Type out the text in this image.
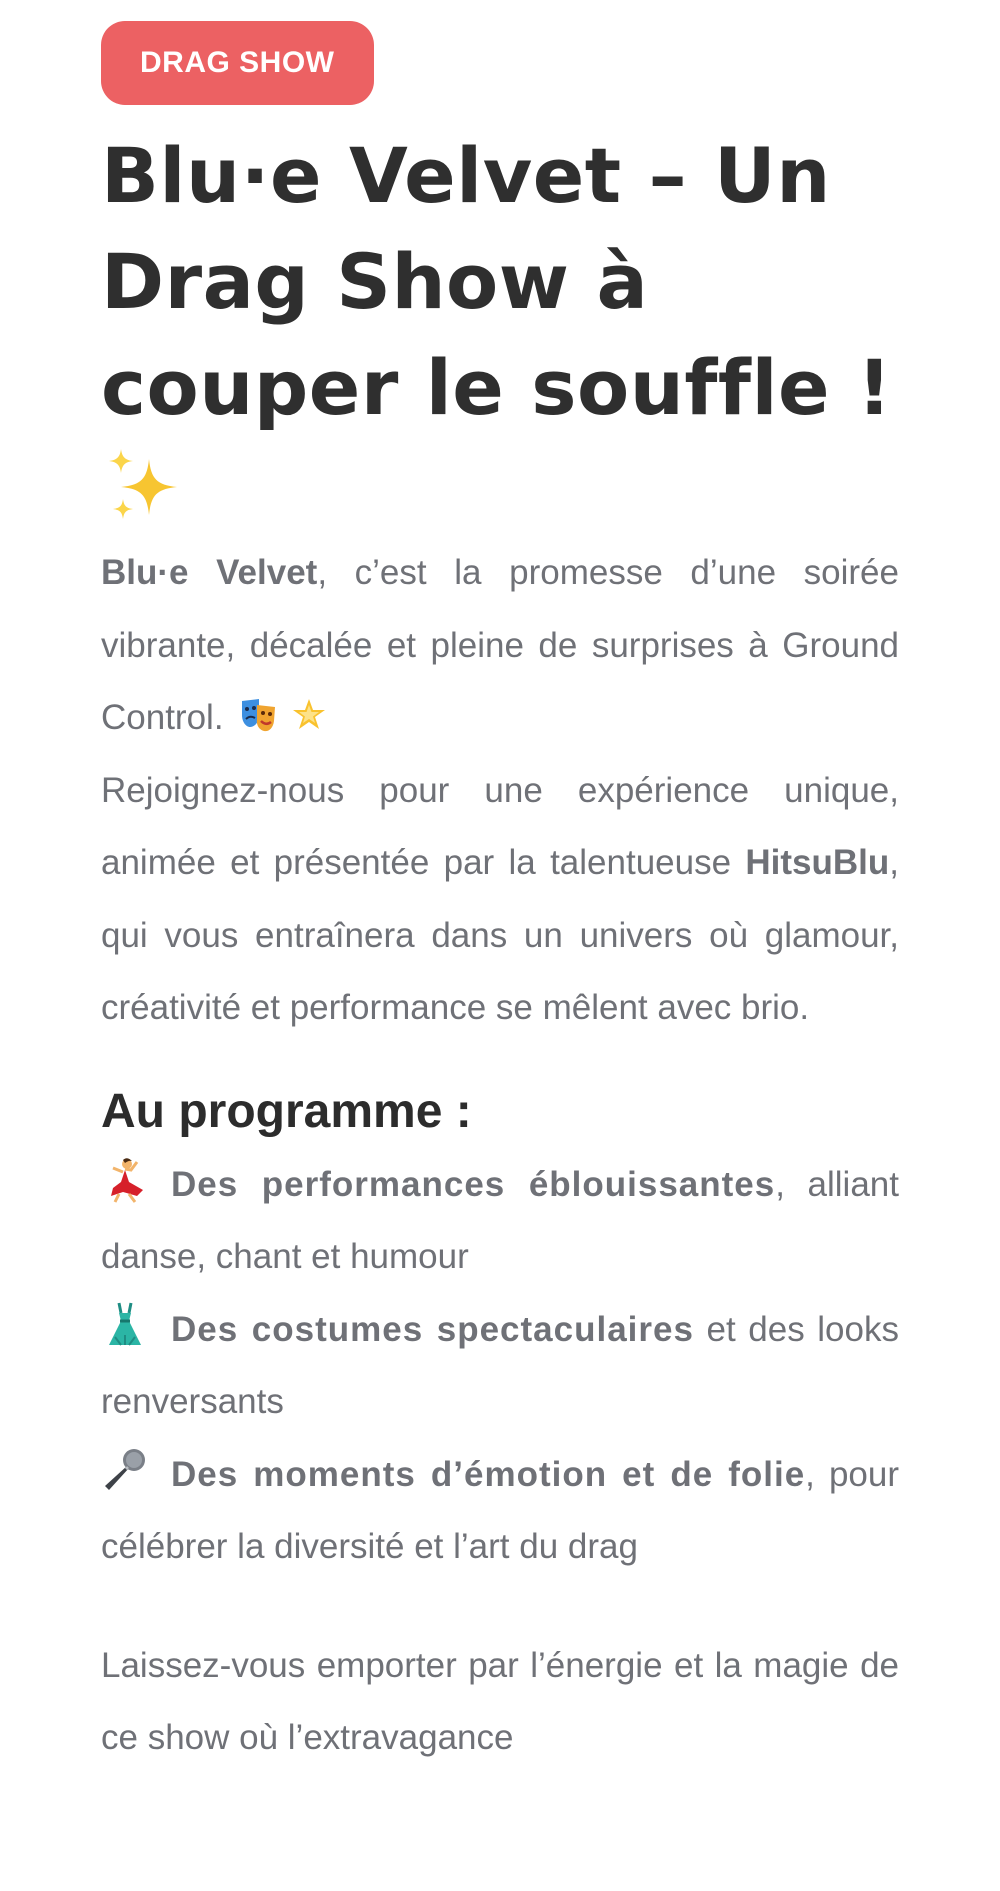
DRAG SHOW
Blu·e Velvet – Un Drag Show à couper le souffle !

Blu·e Velvet, c’est la promesse d’une soirée vibrante, décalée et pleine de surprises à Ground Control.

Rejoignez-nous pour une expérience unique, animée et présentée par la talentueuse HitsuBlu, qui vous entraînera dans un univers où glamour, créativité et performance se mêlent avec brio.

Au programme :
Des performances éblouissantes, alliant danse, chant et humour
Des costumes spectaculaires et des looks renversants
Des moments d’émotion et de folie, pour célébrer la diversité et l’art du drag

Laissez-vous emporter par l’énergie et la magie de ce show où l’extravagance
